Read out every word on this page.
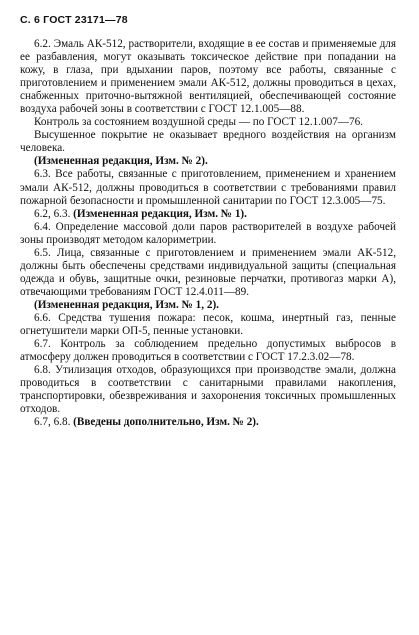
С. 6 ГОСТ 23171—78

6.2. Эмаль АК-512, растворители, входящие в ее состав и применяемые для ее разбавления, могут оказывать токсическое действие при попадании на кожу, в глаза, при вдыхании паров, поэтому все работы, связанные с приготовлением и применением эмали АК-512, должны проводиться в цехах, снабженных приточно-вытяжной вентиляцией, обеспечивающей состояние воздуха рабочей зоны в соответствии с ГОСТ 12.1.005—88.

Контроль за состоянием воздушной среды — по ГОСТ 12.1.007—76.

Высушенное покрытие не оказывает вредного воздействия на организм человека.

(Измененная редакция, Изм. № 2).

6.3. Все работы, связанные с приготовлением, применением и хранением эмали АК-512, должны проводиться в соответствии с требованиями правил пожарной безопасности и промышленной санитарии по ГОСТ 12.3.005—75.

6.2, 6.3. (Измененная редакция, Изм. № 1).

6.4. Определение массовой доли паров растворителей в воздухе рабочей зоны производят методом калориметрии.

6.5. Лица, связанные с приготовлением и применением эмали АК-512, должны быть обеспечены средствами индивидуальной защиты (специальная одежда и обувь, защитные очки, резиновые перчатки, противогаз марки А), отвечающими требованиям ГОСТ 12.4.011—89.

(Измененная редакция, Изм. № 1, 2).

6.6. Средства тушения пожара: песок, кошма, инертный газ, пенные огнетушители марки ОП-5, пенные установки.

6.7. Контроль за соблюдением предельно допустимых выбросов в атмосферу должен проводиться в соответствии с ГОСТ 17.2.3.02—78.

6.8. Утилизация отходов, образующихся при производстве эмали, должна проводиться в соответствии с санитарными правилами накопления, транспортировки, обезвреживания и захоронения токсичных промышленных отходов.

6.7, 6.8. (Введены дополнительно, Изм. № 2).
